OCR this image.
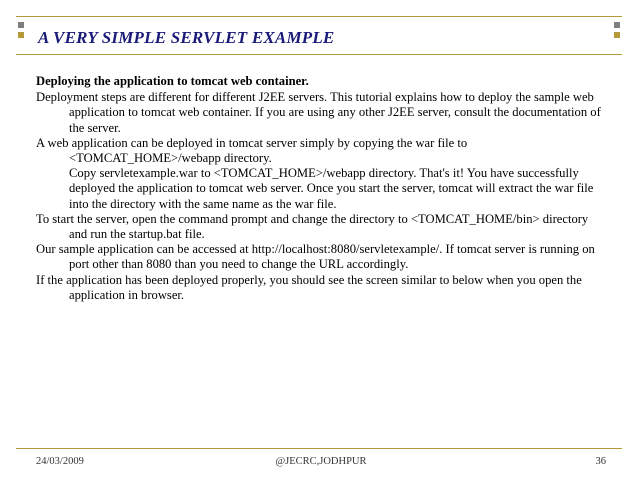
A VERY SIMPLE SERVLET EXAMPLE

Deploying the application to tomcat web container.

Deployment steps are different for different J2EE servers. This tutorial explains how to deploy the sample web application to tomcat web container. If you are using any other J2EE server, consult the documentation of the server.

A web application can be deployed in tomcat server simply by copying the war file to <TOMCAT_HOME>/webapp directory.
Copy servletexample.war to <TOMCAT_HOME>/webapp directory. That's it! You have successfully deployed the application to tomcat web server. Once you start the server, tomcat will extract the war file into the directory with the same name as the war file.

To start the server, open the command prompt and change the directory to <TOMCAT_HOME/bin> directory and run the startup.bat file.

Our sample application can be accessed at http://localhost:8080/servletexample/. If tomcat server is running on port other than 8080 than you need to change the URL accordingly.

If the application has been deployed properly, you should see the screen similar to below when you open the application in browser.

24/03/2009	@JECRC,JODHPUR	36
